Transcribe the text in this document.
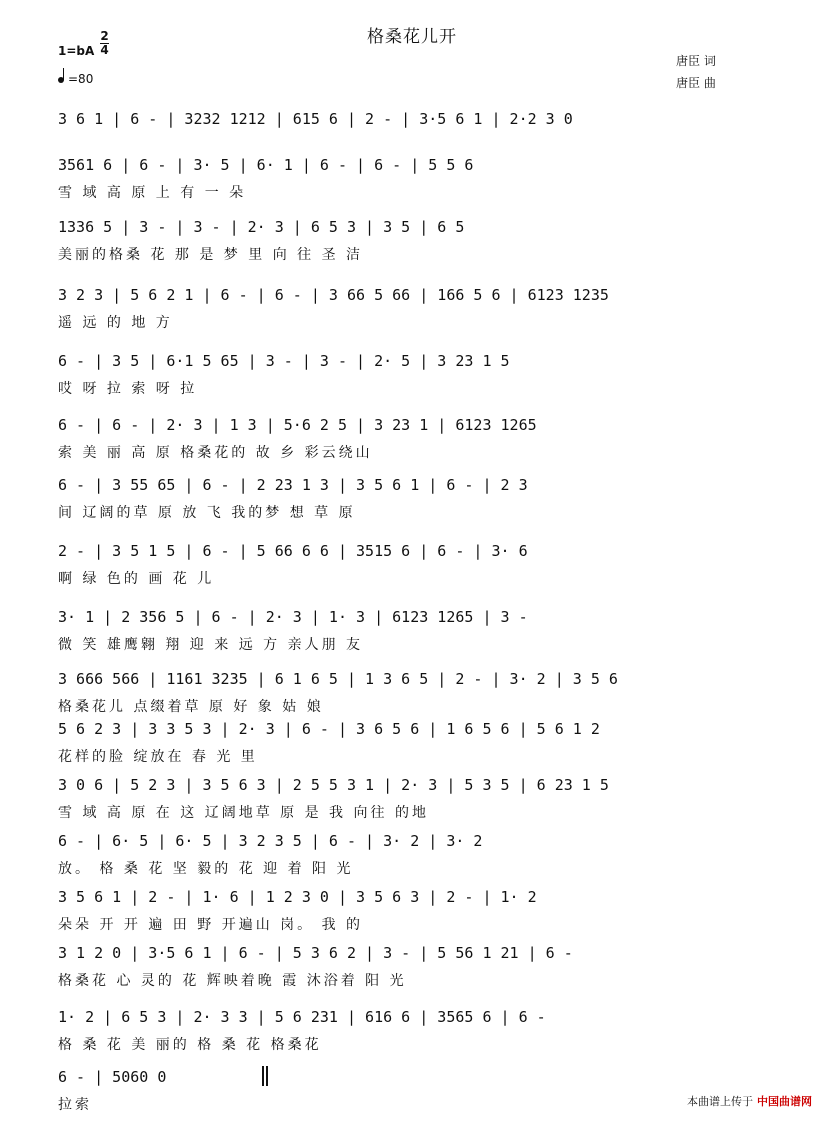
格桑花儿开
1=bA
2
4
=80
唐臣 词
唐臣 曲
3 6 1 | 6 - | 3232 1212 | 615 6 | 2 - | 3·5 6 1 | 2·2 3 0
3561 6 | 6 - | 3· 5 | 6· 1 | 6 - | 6 - | 5 5 6
雪 域 高 原 上 有 一 朵
1336 5 | 3 - | 3 - | 2· 3 | 6 5 3 | 3 5 | 6 5
美丽的格桑 花 那 是 梦 里 向 往 圣 洁
3 2 3 | 5 6 2 1 | 6 - | 6 - | 3 66 5 66 | 166 5 6 | 6123 1235
遥 远 的 地 方
6 - | 3 5 | 6·1 5 65 | 3 - | 3 - | 2· 5 | 3 23 1 5
哎 呀 拉 索 呀 拉
6 - | 6 - | 2· 3 | 1 3 | 5·6 2 5 | 3 23 1 | 6123 1265
索 美 丽 高 原 格桑花的 故 乡 彩云绕山
6 - | 3 55 65 | 6 - | 2 23 1 3 | 3 5 6 1 | 6 - | 2 3
间 辽阔的草 原 放 飞 我的梦 想 草 原
2 - | 3 5 1 5 | 6 - | 5 66 6 6 | 3515 6 | 6 - | 3· 6
啊 绿 色的 画 花 儿
3· 1 | 2 356 5 | 6 - | 2· 3 | 1· 3 | 6123 1265 | 3 -
微 笑 雄鹰翱 翔 迎 来 远 方 亲人朋 友
3 666 566 | 1161 3235 | 6 1 6 5 | 1 3 6 5 | 2 - | 3· 2 | 3 5 6
格桑花儿 点缀着草 原 好 象 姑 娘
5 6 2 3 | 3 3 5 3 | 2· 3 | 6 - | 3 6 5 6 | 1 6 5 6 | 5 6 1 2
花样的脸 绽放在 春 光 里
3 0 6 | 5 2 3 | 3 5 6 3 | 2 5 5 3 1 | 2· 3 | 5 3 5 | 6 23 1 5
雪 域 高 原 在 这 辽阔地草 原 是 我 向往 的地
6 - | 6· 5 | 6· 5 | 3 2 3 5 | 6 - | 3· 2 | 3· 2
放。 格 桑 花 坚 毅的 花 迎 着 阳 光
3 5 6 1 | 2 - | 1· 6 | 1 2 3 0 | 3 5 6 3 | 2 - | 1· 2
朵朵 开 开 遍 田 野 开遍山 岗。 我 的
3 1 2 0 | 3·5 6 1 | 6 - | 5 3 6 2 | 3 - | 5 56 1 21 | 6 -
格桑花 心 灵的 花 辉映着晚 霞 沐浴着 阳 光
1· 2 | 6 5 3 | 2· 3 3 | 5 6 231 | 616 6 | 3565 6 | 6 -
格 桑 花 美 丽的 格 桑 花 格桑花
6 - | 5060 0
拉索	本曲谱上传于 中国曲谱网
